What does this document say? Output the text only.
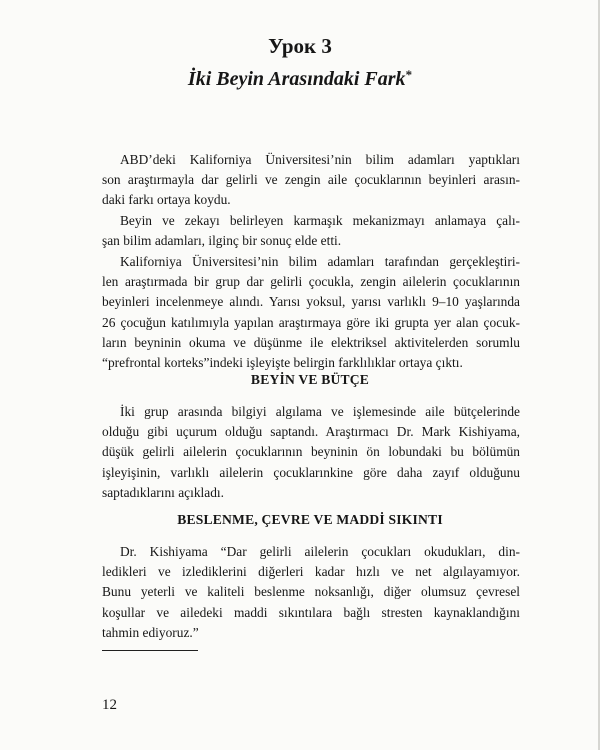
Урок 3
İki Beyin Arasındaki Fark*

ABD’deki Kaliforniya Üniversitesi’nin bilim adamları yaptıkları
son araştırmayla dar gelirli ve zengin aile çocuklarının beyinleri arasın-
daki farkı ortaya koydu.

Beyin ve zekayı belirleyen karmaşık mekanizmayı anlamaya çalı-
şan bilim adamları, ilginç bir sonuç elde etti.

Kaliforniya Üniversitesi’nin bilim adamları tarafından gerçekleştiri-
len araştırmada bir grup dar gelirli çocukla, zengin ailelerin çocuklarının
beyinleri incelenmeye alındı. Yarısı yoksul, yarısı varlıklı 9–10 yaşlarında
26 çocuğun katılımıyla yapılan araştırmaya göre iki grupta yer alan çocuk-
ların beyninin okuma ve düşünme ile elektriksel aktivitelerden sorumlu
“prefrontal korteks”indeki işleyişte belirgin farklılıklar ortaya çıktı.

BEYİN VE BÜTÇE

İki grup arasında bilgiyi algılama ve işlemesinde aile bütçelerinde
olduğu gibi uçurum olduğu saptandı. Araştırmacı Dr. Mark Kishiyama,
düşük gelirli ailelerin çocuklarının beyninin ön lobundaki bu bölümün
işleyişinin, varlıklı ailelerin çocuklarınkine göre daha zayıf olduğunu
saptadıklarını açıkladı.

BESLENME, ÇEVRE VE MADDİ SIKINTI

Dr. Kishiyama “Dar gelirli ailelerin çocukları okudukları, din-
ledikleri ve izlediklerini diğerleri kadar hızlı ve net algılayamıyor.
Bunu yeterli ve kaliteli beslenme noksanlığı, diğer olumsuz çevresel
koşullar ve ailedeki maddi sıkıntılara bağlı stresten kaynaklandığını
tahmin ediyoruz.”

12
